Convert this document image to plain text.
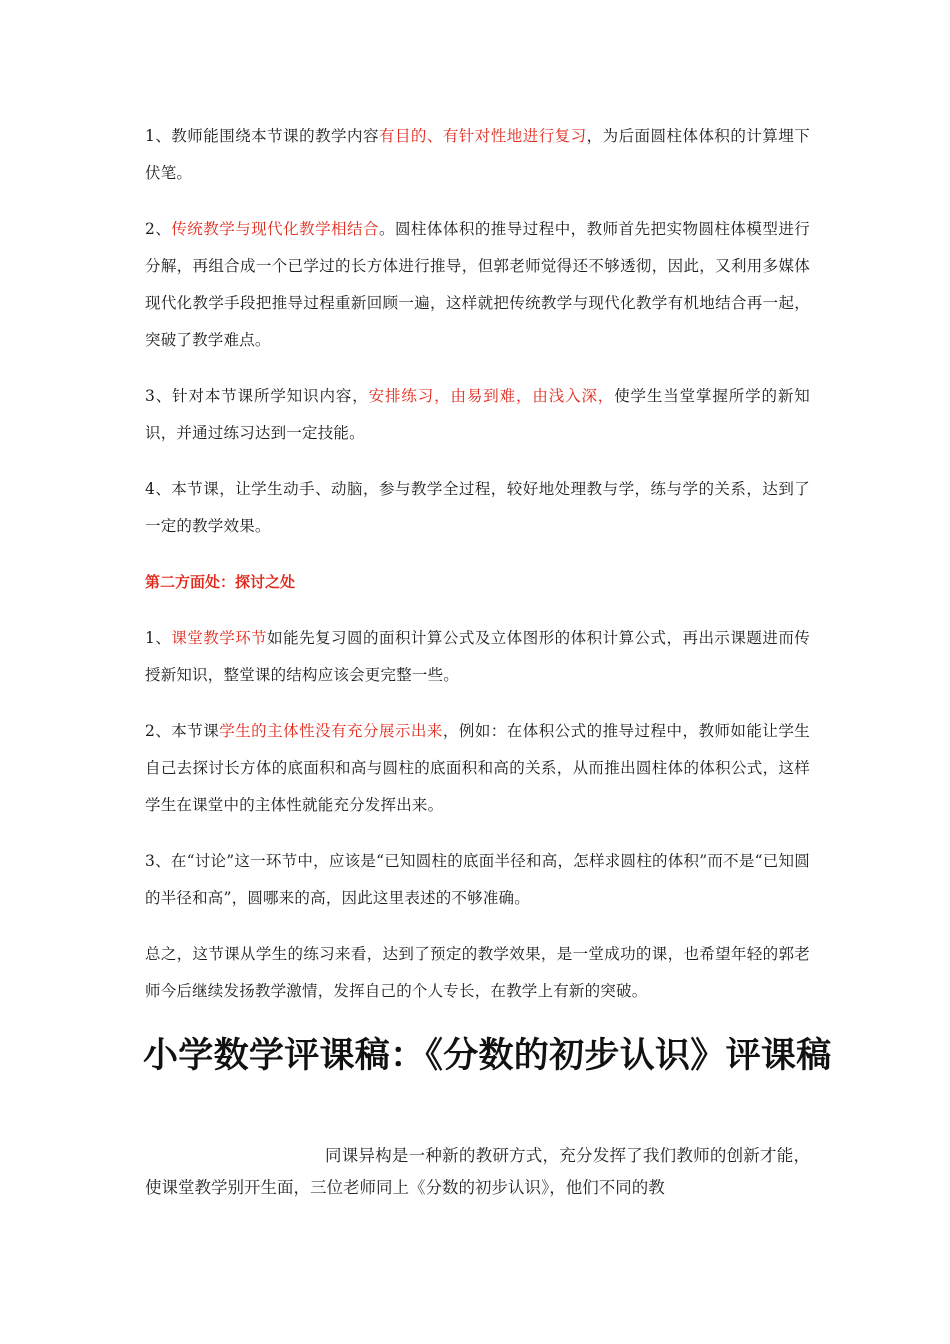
1、教师能围绕本节课的教学内容有目的、有针对性地进行复习，为后面圆柱体体积的计算埋下伏笔。

2、传统教学与现代化教学相结合。圆柱体体积的推导过程中，教师首先把实物圆柱体模型进行分解，再组合成一个已学过的长方体进行推导，但郭老师觉得还不够透彻，因此，又利用多媒体现代化教学手段把推导过程重新回顾一遍，这样就把传统教学与现代化教学有机地结合再一起，突破了教学难点。

3、针对本节课所学知识内容，安排练习，由易到难，由浅入深，使学生当堂掌握所学的新知识，并通过练习达到一定技能。

4、本节课，让学生动手、动脑，参与教学全过程，较好地处理教与学，练与学的关系，达到了一定的教学效果。

第二方面处：探讨之处

1、课堂教学环节如能先复习圆的面积计算公式及立体图形的体积计算公式，再出示课题进而传授新知识，整堂课的结构应该会更完整一些。

2、本节课学生的主体性没有充分展示出来，例如：在体积公式的推导过程中，教师如能让学生自己去探讨长方体的底面积和高与圆柱的底面积和高的关系，从而推出圆柱体的体积公式，这样学生在课堂中的主体性就能充分发挥出来。

3、在“讨论”这一环节中，应该是“已知圆柱的底面半径和高，怎样求圆柱的体积”而不是“已知圆的半径和高”，圆哪来的高，因此这里表述的不够准确。

总之，这节课从学生的练习来看，达到了预定的教学效果，是一堂成功的课，也希望年轻的郭老师今后继续发扬教学激情，发挥自己的个人专长，在教学上有新的突破。

小学数学评课稿：《分数的初步认识》评课稿

同课异构是一种新的教研方式，充分发挥了我们教师的创新才能，使课堂教学别开生面，三位老师同上《分数的初步认识》，他们不同的教
